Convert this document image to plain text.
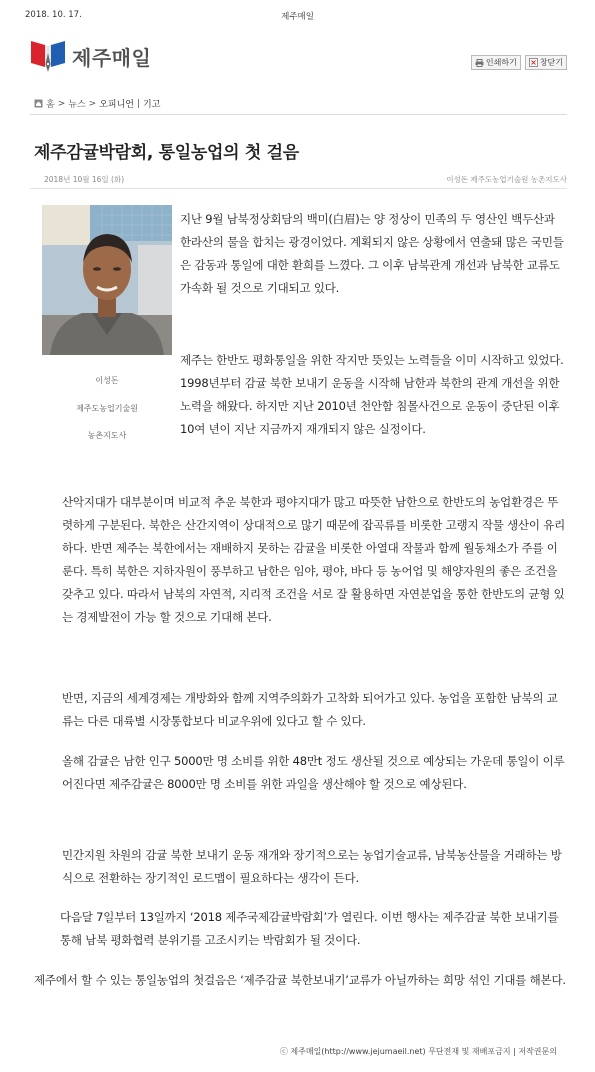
2018. 10. 17.	제주매일
제주매일	인쇄하기	창닫기
홈 > 뉴스 > 오피니언 | 기고
제주감귤박람회, 통일농업의 첫 걸음
2018년 10월 16일 (화)	이성돈 제주도농업기술원 농촌지도사
이성돈
제주도농업기술원
농촌지도사

지난 9월 남북정상회담의 백미(白眉)는 양 정상이 민족의 두 영산인 백두산과 한라산의 물을 합치는 광경이었다. 계획되지 않은 상황에서 연출돼 많은 국민들은 감동과 통일에 대한 환희를 느꼈다. 그 이후 남북관계 개선과 남북한 교류도 가속화 될 것으로 기대되고 있다.

제주는 한반도 평화통일을 위한 작지만 뜻있는 노력들을 이미 시작하고 있었다. 1998년부터 감귤 북한 보내기 운동을 시작해 남한과 북한의 관계 개선을 위한 노력을 해왔다. 하지만 지난 2010년 천안함 침몰사건으로 운동이 중단된 이후 10여 년이 지난 지금까지 재개되지 않은 실정이다.

산악지대가 대부분이며 비교적 추운 북한과 평야지대가 많고 따뜻한 남한으로 한반도의 농업환경은 뚜렷하게 구분된다. 북한은 산간지역이 상대적으로 많기 때문에 잡곡류를 비롯한 고랭지 작물 생산이 유리하다. 반면 제주는 북한에서는 재배하지 못하는 감귤을 비롯한 아열대 작물과 함께 월동채소가 주를 이룬다. 특히 북한은 지하자원이 풍부하고 남한은 임야, 평야, 바다 등 농어업 및 해양자원의 좋은 조건을 갖추고 있다. 따라서 남북의 자연적, 지리적 조건을 서로 잘 활용하면 자연분업을 통한 한반도의 균형 있는 경제발전이 가능 할 것으로 기대해 본다.

반면, 지금의 세계경제는 개방화와 함께 지역주의화가 고착화 되어가고 있다. 농업을 포함한 남북의 교류는 다른 대륙별 시장통합보다 비교우위에 있다고 할 수 있다.

올해 감귤은 남한 인구 5000만 명 소비를 위한 48만t 정도 생산될 것으로 예상되는 가운데 통일이 이루어진다면 제주감귤은 8000만 명 소비를 위한 과일을 생산해야 할 것으로 예상된다.

민간지원 차원의 감귤 북한 보내기 운동 재개와 장기적으로는 농업기술교류, 남북농산물을 거래하는 방식으로 전환하는 장기적인 로드맵이 필요하다는 생각이 든다.

다음달 7일부터 13일까지 ‘2018 제주국제감귤박람회’가 열린다. 이번 행사는 제주감귤 북한 보내기를 통해 남북 평화협력 분위기를 고조시키는 박람회가 될 것이다.

제주에서 할 수 있는 통일농업의 첫걸음은 ‘제주감귤 북한보내기’교류가 아닐까하는 희망 섞인 기대를 해본다.

ⓒ 제주매일(http://www.jejumaeil.net) 무단전재 및 재배포금지 | 저작권문의
